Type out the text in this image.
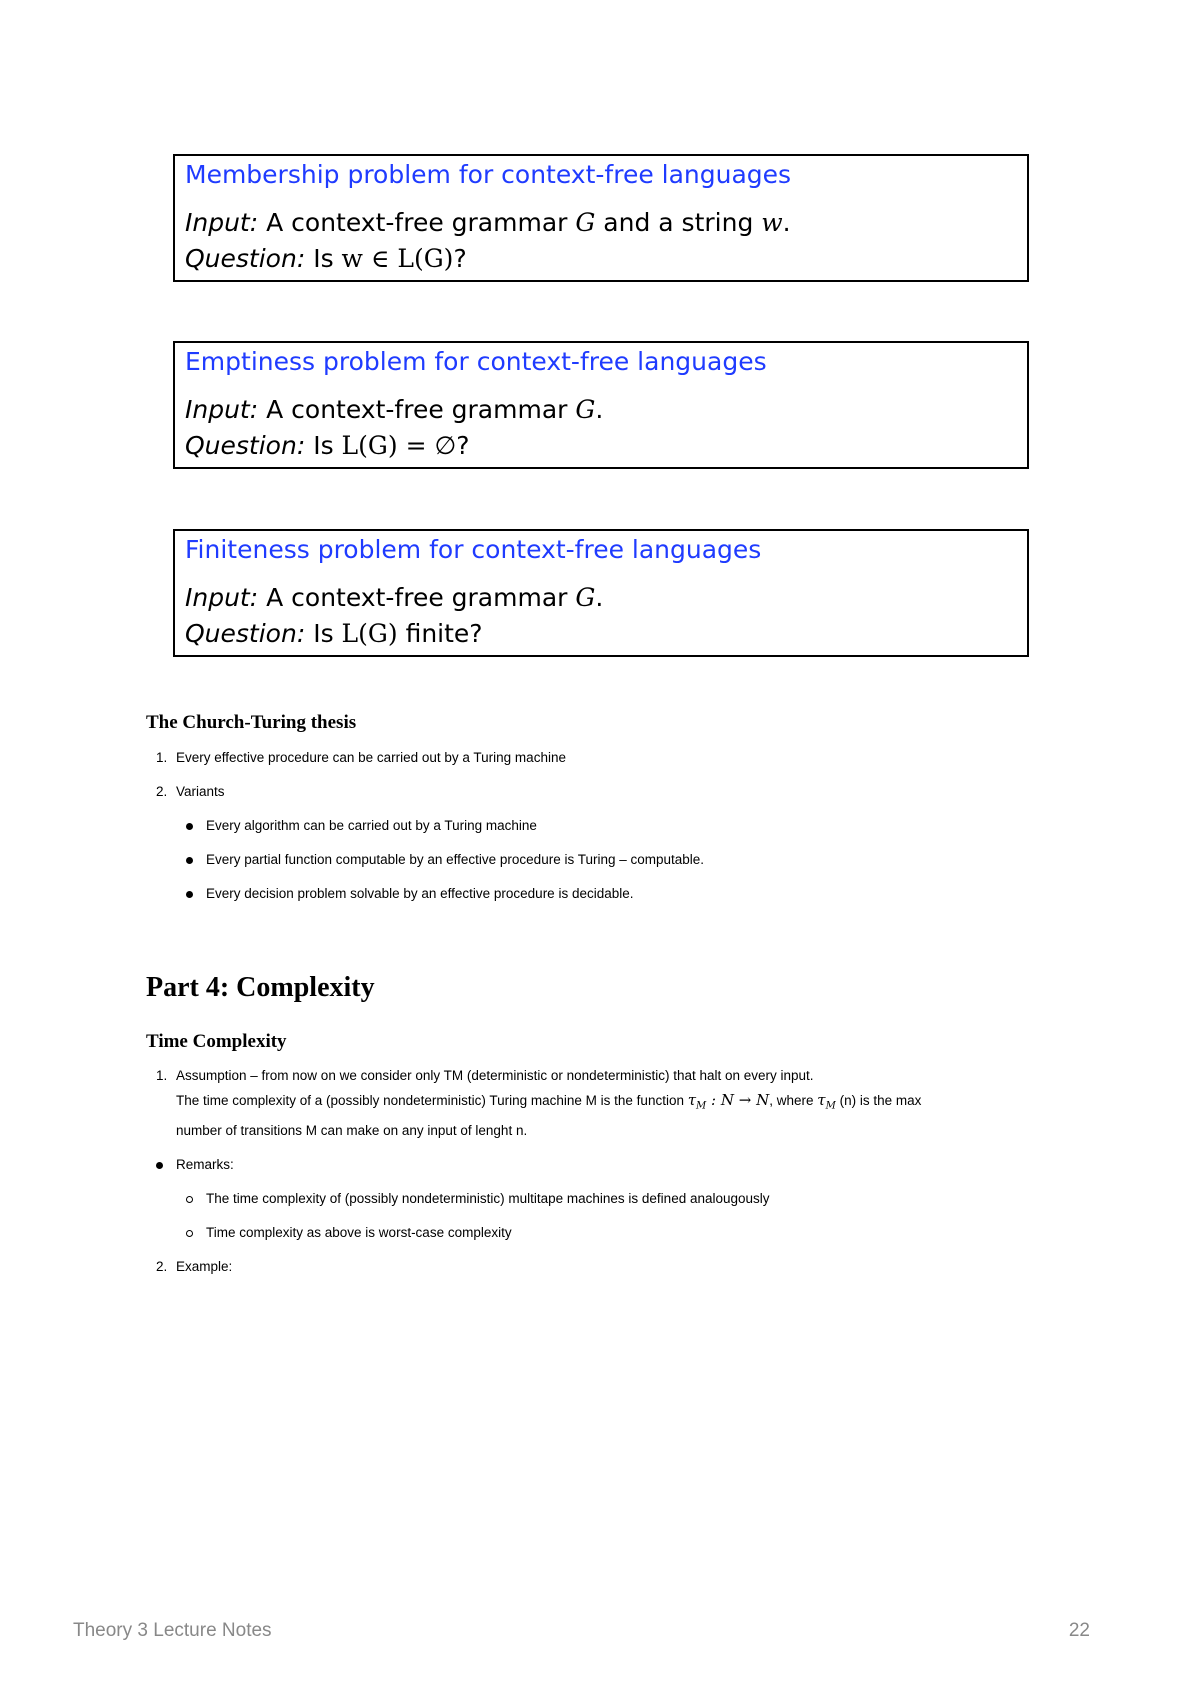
Membership problem for context-free languages
Input: A context-free grammar G and a string w.
Question: Is w ∈ L(G)?
Emptiness problem for context-free languages
Input: A context-free grammar G.
Question: Is L(G) = ∅?
Finiteness problem for context-free languages
Input: A context-free grammar G.
Question: Is L(G) finite?
The Church-Turing thesis
1. Every effective procedure can be carried out by a Turing machine
2. Variants
Every algorithm can be carried out by a Turing machine
Every partial function computable by an effective procedure is Turing – computable.
Every decision problem solvable by an effective procedure is decidable.
Part 4: Complexity
Time Complexity
1. Assumption – from now on we consider only TM (deterministic or nondeterministic) that halt on every input.
The time complexity of a (possibly nondeterministic) Turing machine M is the function $\tau_M$ : N → N, where $\tau_M$ (n) is the max
number of transitions M can make on any input of lenght n.
Remarks:
The time complexity of (possibly nondeterministic) multitape machines is defined analougously
Time complexity as above is worst-case complexity
2. Example:
Theory 3 Lecture Notes	22
